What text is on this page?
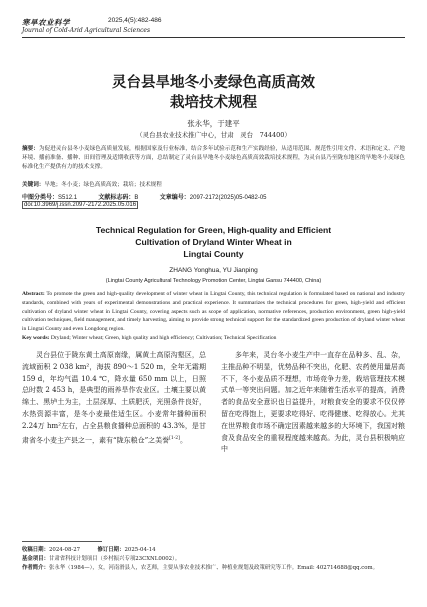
寒旱农业科学	2025,4(5):482-486
Journal of Cold-Arid Agricultural Sciences
灵台县旱地冬小麦绿色高质高效
栽培技术规程
张永华，于建平
（灵台县农业技术推广中心，甘肃　灵台　744400）
摘要：为促进灵台县冬小麦绿色高质量发展，根据国家及行业标准，结合多年试验示范和生产实践经验，从适用范围、规范性引用文件、术语和定义、产地环境、播前准备、播种、田间管理及适期收获等方面，总结制定了灵台县旱地冬小麦绿色高质高效栽培技术规程，为灵台县乃至陇东地区的旱地冬小麦绿色标准化生产提供有力的技术支撑。
关键词：旱地；冬小麦；绿色高质高效；栽培；技术规程
中图分类号：S512.1	文献标志码：B	文章编号：2097-2172(2025)05-0482-05
doi:10.3969/j.issn.2097-2172.2025.05.016
Technical Regulation for Green, High-quality and Efficient
Cultivation of Dryland Winter Wheat in
Lingtai County
ZHANG Yonghua, YU Jianping
(Lingtai County Agricultural Technology Promotion Center, Lingtai Gansu 744400, China)
Abstract: To promote the green and high-quality development of winter wheat in Lingtai County, this technical regulation is formulated based on national and industry standards, combined with years of experimental demonstrations and practical experience. It summarizes the technical procedures for green, high-yield and efficient cultivation of dryland winter wheat in Lingtai County, covering aspects such as scope of application, normative references, production environment, green high-yield cultivation techniques, field management, and timely harvesting, aiming to provide strong technical support for the standardized green production of dryland winter wheat in Lingtai County and even Longdong region.
Key words: Dryland; Winter wheat; Green, high quality and high efficiency; Cultivation; Technical Specification
灵台县位于陇东黄土高原南缘，属黄土高原沟壑区，总流域面积 2 038 km²，海拔 890～1 520 m，全年无霜期 159 d，年均气温 10.4 ℃，降水量 650 mm 以上，日照总时数 2 453 h，是典型的雨养旱作农业区。土壤主要以黄绵土、黑垆土为主，土层深厚、土质肥沃，光照条件良好，水热资源丰富，是冬小麦最佳适生区。小麦常年播种面积2.24万 hm²左右，占全县粮食播种总面积的 43.3%，是甘肃省冬小麦主产县之一，素有“陇东粮仓”之美誉[1-2]。
多年来，灵台冬小麦生产中一直存在品种多、乱、杂，主推品种不明显，优势品种不突出，化肥、农药使用量居高不下，冬小麦品质不理想，市场竞争力差，栽培管理技术模式单一等突出问题。加之近年来随着生活水平的提高，消费者的食品安全意识也日益提升，对粮食安全的要求不仅仅停留在吃得饱上，更要求吃得好、吃得健康、吃得放心。尤其在世界粮食市场不确定因素越来越多的大环境下，我国对粮食及食品安全的重视程度越来越高。为此，灵台县积极响应中
收稿日期：2024-08-27	修订日期：2025-04-14
基金项目：甘肃省科技计划项目（乡村振兴专项23CXNL0002）。
作者简介：张永华（1984—），女，河南滑县人，农艺师，主要从事农业技术推广、种植业规划及政策研究等工作。Email: 402714688@qq.com。
